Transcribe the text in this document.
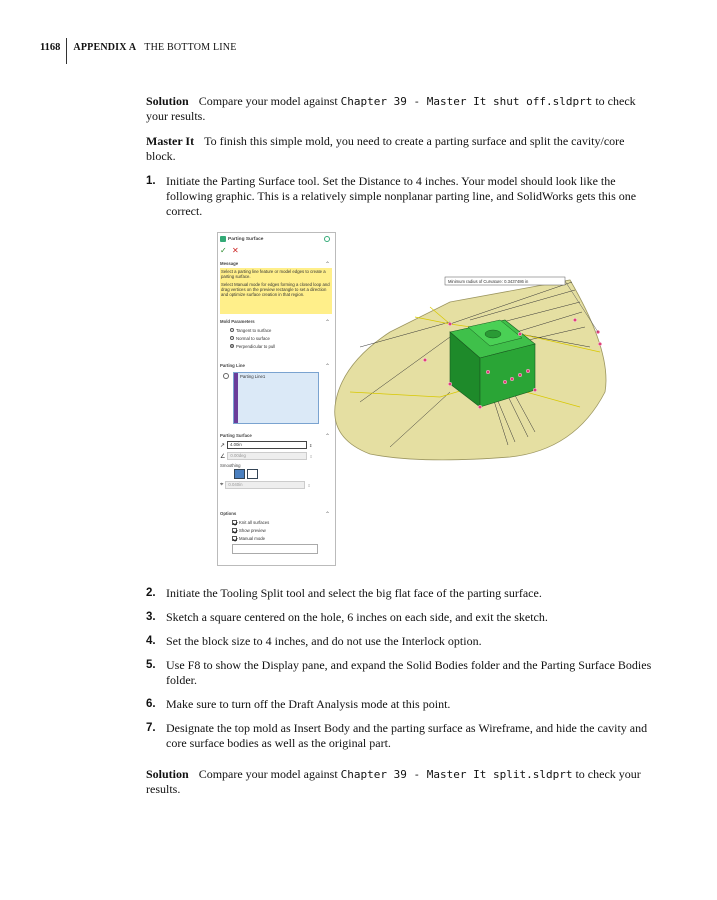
1168 APPENDIX A THE BOTTOM LINE

Solution Compare your model against Chapter 39 - Master It shut off.sldprt to check your results.

Master It To finish this simple mold, you need to create a parting surface and split the cavity/core block.

1. Initiate the Parting Surface tool. Set the Distance to 4 inches. Your model should look like the following graphic. This is a relatively simple nonplanar parting line, and SolidWorks gets this one correct.
2. Initiate the Tooling Split tool and select the big flat face of the parting surface.
3. Sketch a square centered on the hole, 6 inches on each side, and exit the sketch.
4. Set the block size to 4 inches, and do not use the Interlock option.
5. Use F8 to show the Display pane, and expand the Solid Bodies folder and the Parting Surface Bodies folder.
6. Make sure to turn off the Draft Analysis mode at this point.
7. Designate the top mold as Insert Body and the parting surface as Wireframe, and hide the cavity and core surface bodies as well as the original part.

Solution Compare your model against Chapter 39 - Master It split.sldprt to check your results.

Parting Surface
✓ ✕
Message	⌃
Select a parting line feature or model edges to create a parting surface.
Select Manual mode for edges forming a closed loop and drag vertices on the preview rectangle to set a direction and optimize surface creation in that region.
Mold Parameters	⌃
Tangent to surface
Normal to surface
Perpendicular to pull
Parting Line	⌃
Parting Line1
Parting Surface	⌃
↗	4.00in	⇕
∠	0.00deg	⇕
Smoothing
⌖	0.040in	⇕
Options	⌃
Knit all surfaces
Show preview
Manual mode
Minimum radius of Curvature: 0.3437486 in
